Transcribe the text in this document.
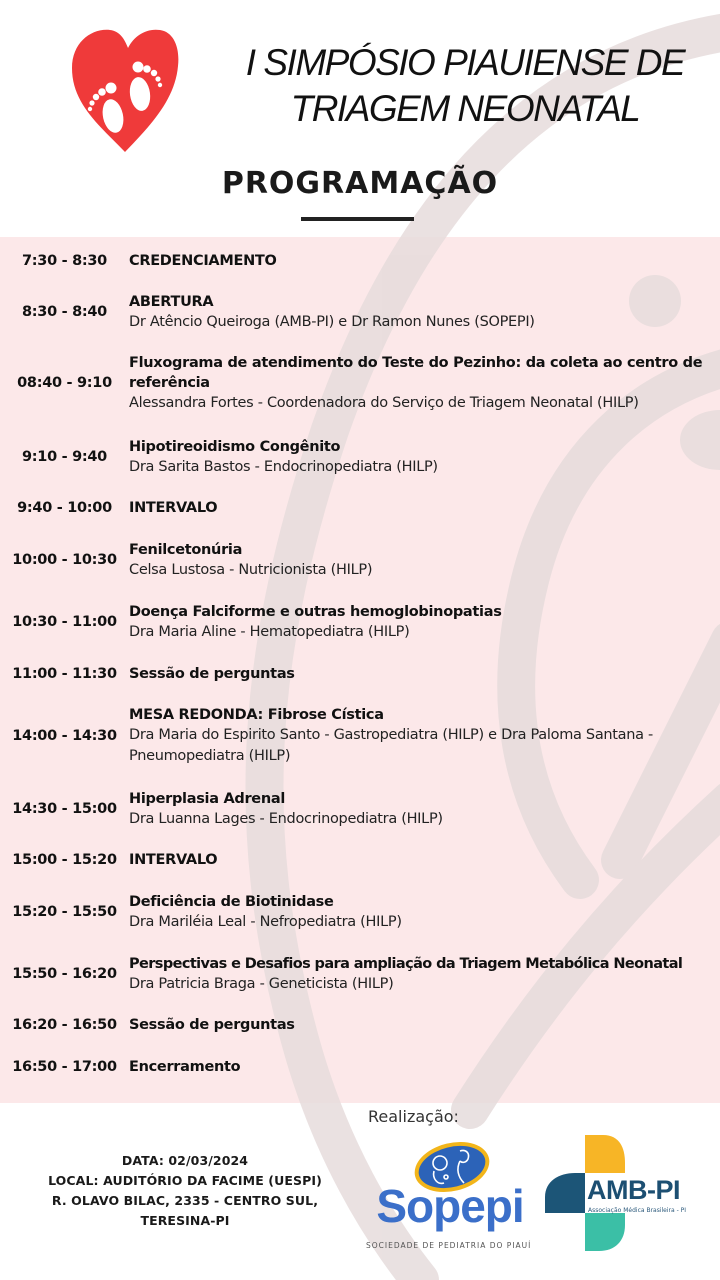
I SIMPÓSIO PIAUIENSE DE
TRIAGEM NEONATAL
PROGRAMAÇÃO
7:30 - 8:30	CREDENCIAMENTO
8:30 - 8:40
ABERTURA
Dr Atêncio Queiroga (AMB-PI) e Dr Ramon Nunes (SOPEPI)
08:40 - 9:10
Fluxograma de atendimento do Teste do Pezinho: da coleta ao centro de referência
Alessandra Fortes - Coordenadora do Serviço de Triagem Neonatal (HILP)
9:10 - 9:40
Hipotireoidismo Congênito
Dra Sarita Bastos - Endocrinopediatra (HILP)
9:40 - 10:00	INTERVALO
10:00 - 10:30
Fenilcetonúria
Celsa Lustosa - Nutricionista (HILP)
10:30 - 11:00
Doença Falciforme e outras hemoglobinopatias
Dra Maria Aline - Hematopediatra (HILP)
11:00 - 11:30 Sessão de perguntas
14:00 - 14:30
MESA REDONDA: Fibrose Cística
Dra Maria do Espirito Santo - Gastropediatra (HILP) e Dra Paloma Santana - Pneumopediatra (HILP)
14:30 - 15:00
Hiperplasia Adrenal
Dra Luanna Lages - Endocrinopediatra (HILP)
15:00 - 15:20 INTERVALO
15:20 - 15:50
Deficiência de Biotinidase
Dra Mariléia Leal - Nefropediatra (HILP)
15:50 - 16:20
Perspectivas e Desafios para ampliação da Triagem Metabólica Neonatal
Dra Patricia Braga - Geneticista (HILP)
16:20 - 16:50 Sessão de perguntas
16:50 - 17:00 Encerramento
DATA: 02/03/2024
LOCAL: AUDITÓRIO DA FACIME (UESPI)
R. OLAVO BILAC, 2335 - CENTRO SUL,
TERESINA-PI
Realização:
Sopepi
SOCIEDADE DE PEDIATRIA DO PIAUÍ
AMB-PI
Associação Médica Brasileira - PI
